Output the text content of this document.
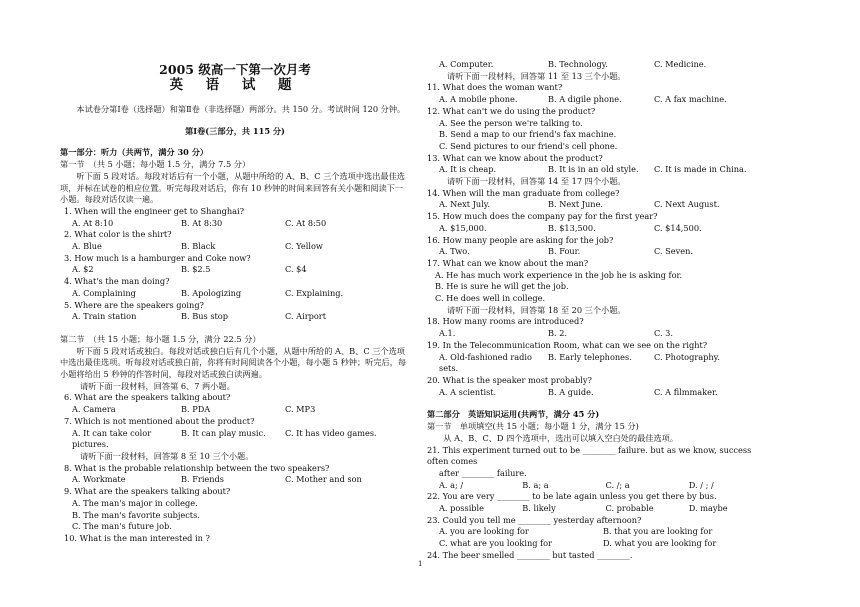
2005 级高一下第一次月考
英 语 试 题

本试卷分第Ⅰ卷（选择题）和第Ⅱ卷（非选择题）两部分。共 150 分。考试时间 120 分钟。

第Ⅰ卷(三部分，共 115 分)
第一部分：听力（共两节，满分 30 分）
第一节　（共 5 小题；每小题 1.5 分，满分 7.5 分）

听下面 5 段对话。每段对话后有一个小题，从题中所给的 A、B、C 三个选项中选出最佳选项，并标在试卷的相应位置。听完每段对话后，你有 10 秒钟的时间来回答有关小题和阅读下一小题。每段对话仅读一遍。

1. When will the engineer get to Shanghai?
A. At 8:10	B. At 8:30	C. At 8:50
2. What color is the shirt?
A. Blue	B. Black	C. Yellow
3. How much is a hamburger and Coke now?
A. $2	B. $2.5	C. $4
4. What's the man doing?
A. Complaining	B. Apologizing	C. Explaining.
5. Where are the speakers going?
A. Train station	B. Bus stop	C. Airport
第二节　（共 15 小题；每小题 1.5 分，满分 22.5 分）

听下面 5 段对话或独白。每段对话或独白后有几个小题，从题中所给的 A、B、C 三个选项中选出最佳选项。听每段对话或独白前，你将有时间阅读各个小题，每小题 5 秒钟；听完后，每小题将给出 5 秒钟的作答时间，每段对话或独白读两遍。

请听下面一段材料，回答第 6、7 两小题。
6. What are the speakers talking about?
A. Camera	B. PDA	C. MP3
7. Which is not mentioned about the product?
A. It can take color pictures.
B. It can play music.	C. It has video games.
请听下面一段材料，回答第 8 至 10 三个小题。
8. What is the probable relationship between the two speakers?
A. Workmate	B. Friends	C. Mother and son
9. What are the speakers talking about?
A. The man's major in college.
B. The man's favorite subjects.
C. The man's future job.
10. What is the man interested in ?
A. Computer.	B. Technology.	C. Medicine.
请听下面一段材料，回答第 11 至 13 三个小题。
11. What does the woman want?
A. A mobile phone.	B. A digile phone.	C. A fax machine.
12. What can't we do using the product?
A. See the person we're talking to.
B. Send a map to our friend's fax machine.
C. Send pictures to our friend's cell phone.
13. What can we know about the product?
A. It is cheap.	B. It is in an old style.	C. It is made in China.
请听下面一段材料，回答第 14 至 17 四个小题。
14. When will the man graduate from college?
A. Next July.	B. Next June.	C. Next August.
15. How much does the company pay for the first year?
A. $15,000.	B. $13,500.	C. $14,500.
16. How many people are asking for the job?
A. Two.	B. Four.	C. Seven.
17. What can we know about the man?
A. He has much work experience in the job he is asking for.
B. He is sure he will get the job.
C. He does well in college.
请听下面一段材料，回答第 18 至 20 三个小题。
18. How many rooms are introduced?
A.1.	B. 2.	C. 3.
19. In the Telecommunication Room, what can we see on the right?
A. Old-fashioned radio sets.
B. Early telephones.	C. Photography.
20. What is the speaker most probably?
A. A scientist.	B. A guide.	C. A filmmaker.
第二部分　英语知识运用(共两节，满分 45 分)
第一节　单项填空(共 15 小题；每小题 1 分，满分 15 分)
从 A、B、C、D 四个选项中，选出可以填入空白处的最佳选项。
21. This experiment turned out to be ________ failure. but as we know, success often comes
after ________ failure.
A. a; /	B. a; a	C. /; a	D. / ; /
22. You are very ________ to be late again unless you get there by bus.
A. possible	B. likely	C. probable	D. maybe
23. Could you tell me ________ yesterday afternoon?
A. you are looking for	B. that you are looking for
C. what are you looking for	D. what you are looking for
24. The beer smelled ________ but tasted ________.
1
